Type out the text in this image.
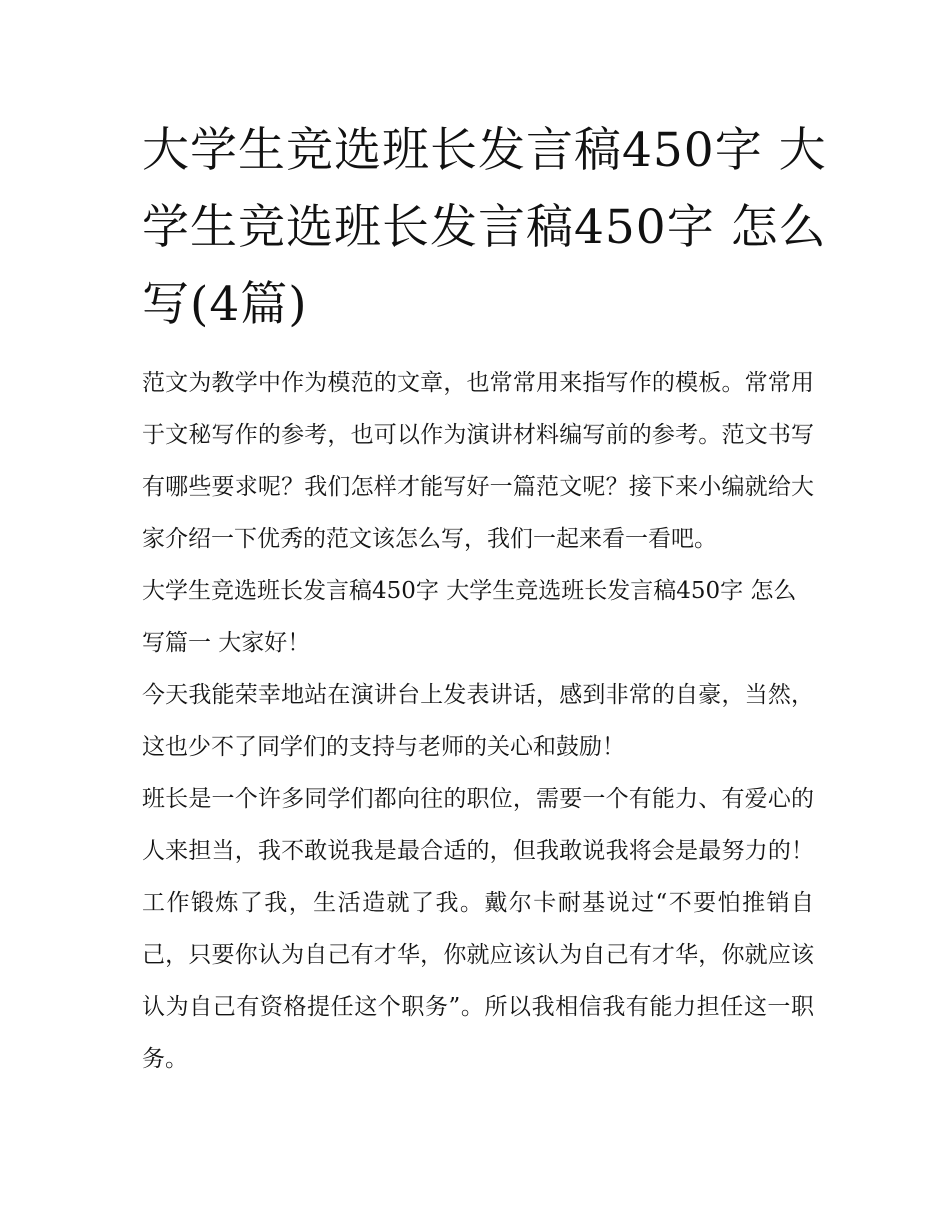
大学生竞选班长发言稿450字 大学生竞选班长发言稿450字 怎么写(4篇)

范文为教学中作为模范的文章，也常常用来指写作的模板。常常用于文秘写作的参考，也可以作为演讲材料编写前的参考。范文书写有哪些要求呢？我们怎样才能写好一篇范文呢？接下来小编就给大家介绍一下优秀的范文该怎么写，我们一起来看一看吧。

大学生竞选班长发言稿450字 大学生竞选班长发言稿450字 怎么写篇一 大家好！

今天我能荣幸地站在演讲台上发表讲话，感到非常的自豪，当然，这也少不了同学们的支持与老师的关心和鼓励！

班长是一个许多同学们都向往的职位，需要一个有能力、有爱心的人来担当，我不敢说我是最合适的，但我敢说我将会是最努力的！工作锻炼了我，生活造就了我。戴尔卡耐基说过“不要怕推销自己，只要你认为自己有才华，你就应该认为自己有才华，你就应该认为自己有资格提任这个职务”。所以我相信我有能力担任这一职务。
